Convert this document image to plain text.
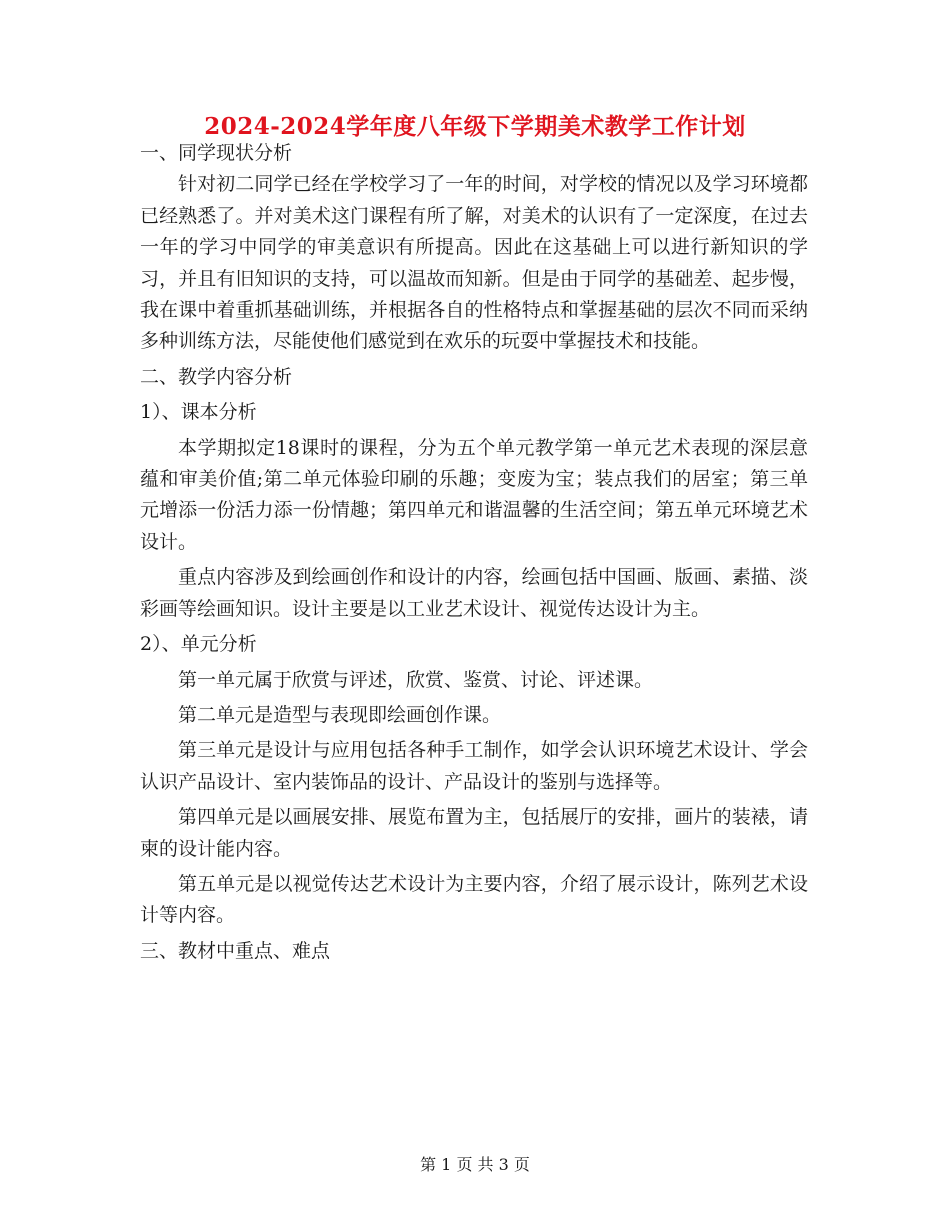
2024-2024学年度八年级下学期美术教学工作计划

一、同学现状分析

针对初二同学已经在学校学习了一年的时间，对学校的情况以及学习环境都已经熟悉了。并对美术这门课程有所了解，对美术的认识有了一定深度，在过去一年的学习中同学的审美意识有所提高。因此在这基础上可以进行新知识的学习，并且有旧知识的支持，可以温故而知新。但是由于同学的基础差、起步慢，我在课中着重抓基础训练，并根据各自的性格特点和掌握基础的层次不同而采纳多种训练方法，尽能使他们感觉到在欢乐的玩耍中掌握技术和技能。

二、教学内容分析

1）、课本分析

本学期拟定18课时的课程，分为五个单元教学第一单元艺术表现的深层意蕴和审美价值;第二单元体验印刷的乐趣；变废为宝；装点我们的居室；第三单元增添一份活力添一份情趣；第四单元和谐温馨的生活空间；第五单元环境艺术设计。

重点内容涉及到绘画创作和设计的内容，绘画包括中国画、版画、素描、淡彩画等绘画知识。设计主要是以工业艺术设计、视觉传达设计为主。

2）、单元分析

第一单元属于欣赏与评述，欣赏、鉴赏、讨论、评述课。

第二单元是造型与表现即绘画创作课。

第三单元是设计与应用包括各种手工制作，如学会认识环境艺术设计、学会认识产品设计、室内装饰品的设计、产品设计的鉴别与选择等。

第四单元是以画展安排、展览布置为主，包括展厅的安排，画片的装裱，请柬的设计能内容。

第五单元是以视觉传达艺术设计为主要内容，介绍了展示设计，陈列艺术设计等内容。

三、教材中重点、难点

第 1 页 共 3 页
